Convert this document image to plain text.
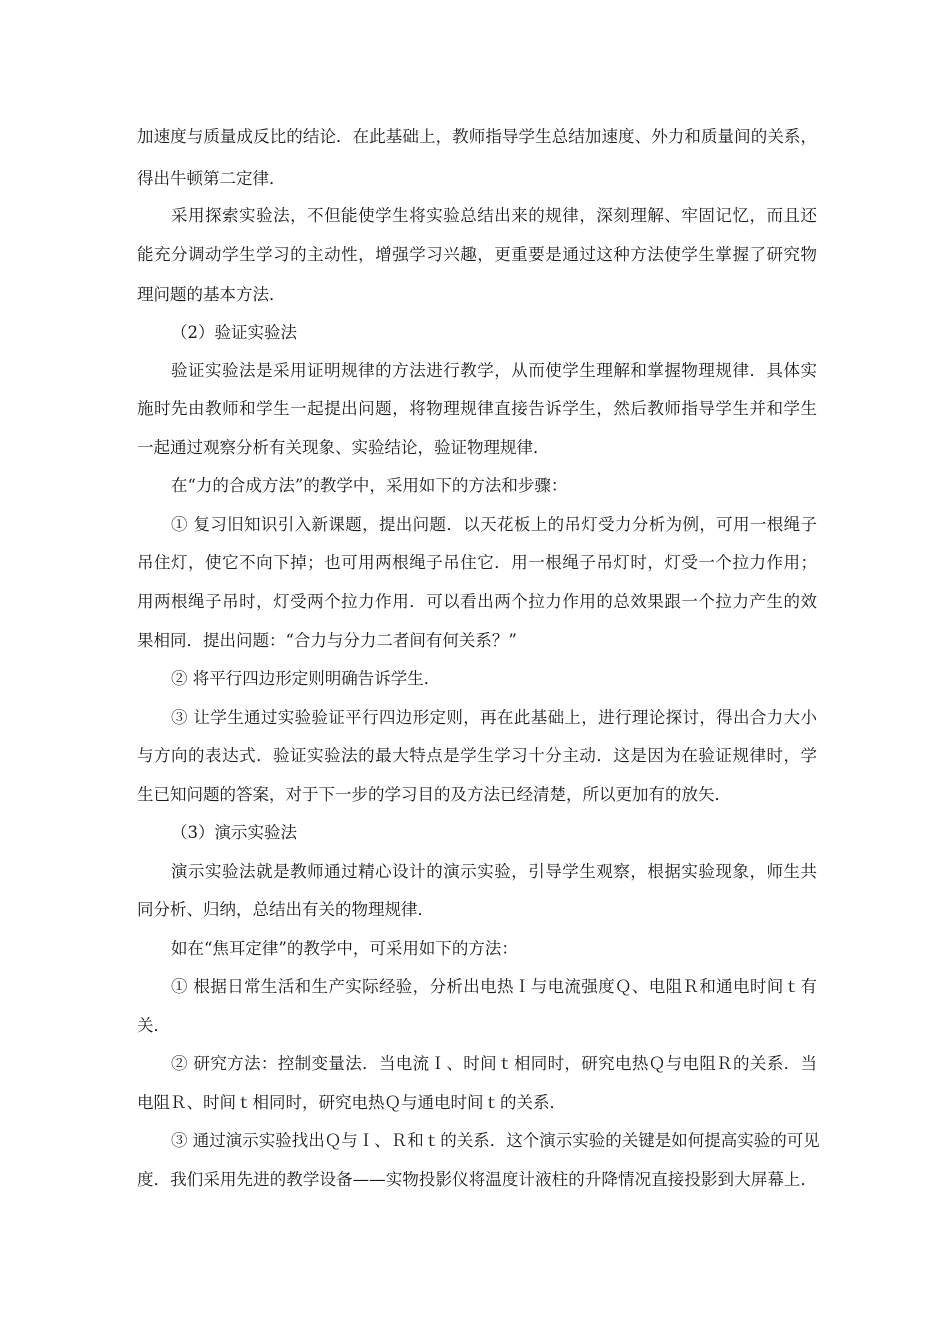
加速度与质量成反比的结论．在此基础上，教师指导学生总结加速度、外力和质量间的关系，
得出牛顿第二定律．
采用探索实验法，不但能使学生将实验总结出来的规律，深刻理解、牢固记忆，而且还
能充分调动学生学习的主动性，增强学习兴趣，更重要是通过这种方法使学生掌握了研究物
理问题的基本方法．
（2）验证实验法
验证实验法是采用证明规律的方法进行教学，从而使学生理解和掌握物理规律．具体实
施时先由教师和学生一起提出问题，将物理规律直接告诉学生，然后教师指导学生并和学生
一起通过观察分析有关现象、实验结论，验证物理规律．
在“力的合成方法”的教学中，采用如下的方法和步骤：
① 复习旧知识引入新课题，提出问题．以天花板上的吊灯受力分析为例，可用一根绳子
吊住灯，使它不向下掉；也可用两根绳子吊住它．用一根绳子吊灯时，灯受一个拉力作用；
用两根绳子吊时，灯受两个拉力作用．可以看出两个拉力作用的总效果跟一个拉力产生的效
果相同．提出问题：“合力与分力二者间有何关系？”
② 将平行四边形定则明确告诉学生．
③ 让学生通过实验验证平行四边形定则，再在此基础上，进行理论探讨，得出合力大小
与方向的表达式．验证实验法的最大特点是学生学习十分主动．这是因为在验证规律时，学
生已知问题的答案，对于下一步的学习目的及方法已经清楚，所以更加有的放矢．
（3）演示实验法
演示实验法就是教师通过精心设计的演示实验，引导学生观察，根据实验现象，师生共
同分析、归纳，总结出有关的物理规律．
如在“焦耳定律”的教学中，可采用如下的方法：
① 根据日常生活和生产实际经验，分析出电热Ｉ与电流强度Ｑ、电阻Ｒ和通电时间ｔ有
关．
② 研究方法：控制变量法．当电流Ｉ、时间ｔ相同时，研究电热Ｑ与电阻Ｒ的关系．当
电阻Ｒ、时间ｔ相同时，研究电热Ｑ与通电时间ｔ的关系．
③ 通过演示实验找出Ｑ与Ｉ、Ｒ和ｔ的关系．这个演示实验的关键是如何提高实验的可见
度．我们采用先进的教学设备——实物投影仪将温度计液柱的升降情况直接投影到大屏幕上．
